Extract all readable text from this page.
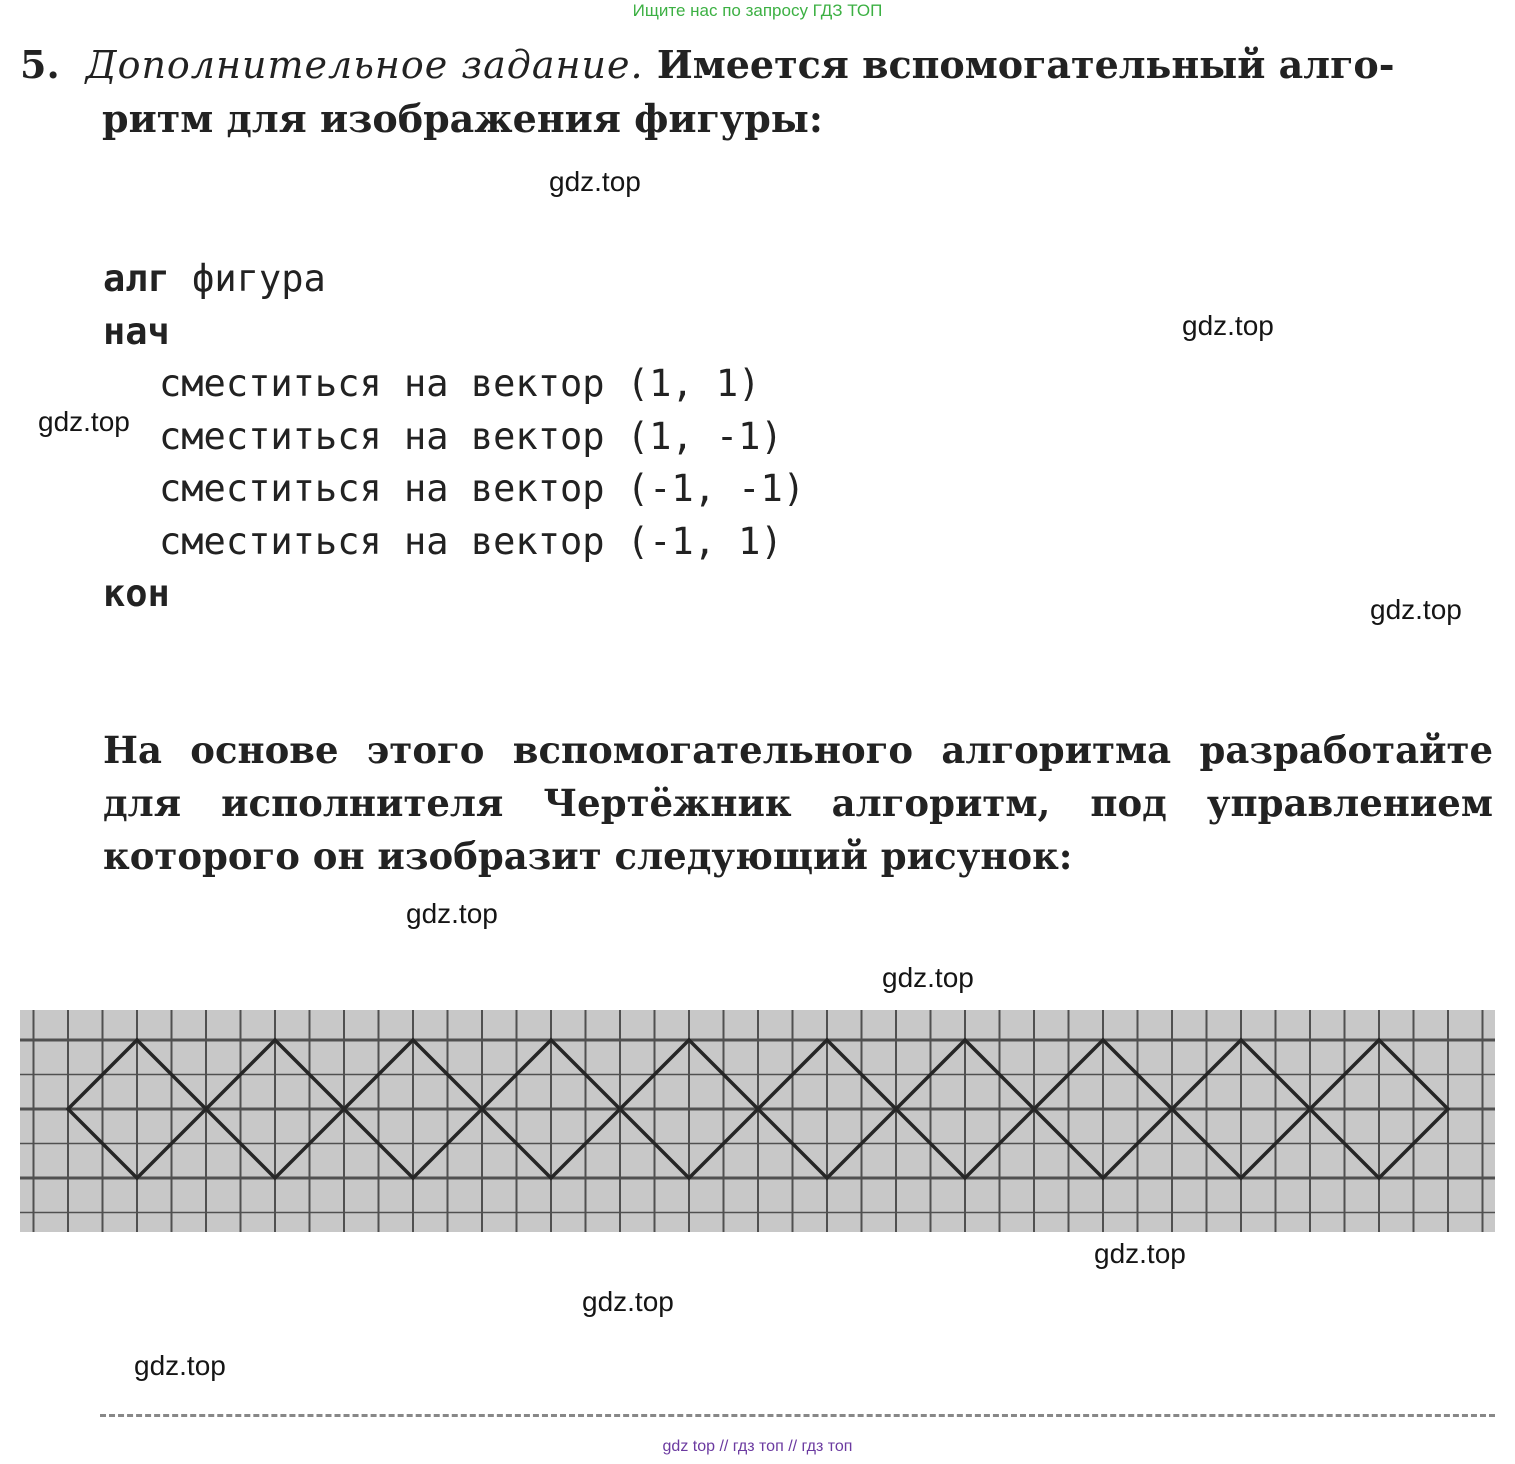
Ищите нас по запросу ГДЗ ТОП
5. Дополнительное задание. Имеется вспомогательный алго-
ритм для изображения фигуры:
алг фигура
нач
сместиться на вектор (1, 1)
сместиться на вектор (1, -1)
сместиться на вектор (-1, -1)
сместиться на вектор (-1, 1)
кон
На основе этого вспомогательного алгоритма разработайте для исполнителя Чертёжник алгоритм, под управлением которого он изобразит следующий рисунок:
gdz.top
gdz.top
gdz.top
gdz.top
gdz.top
gdz.top
gdz.top
gdz.top
gdz.top
gdz top // гдз топ // гдз топ
